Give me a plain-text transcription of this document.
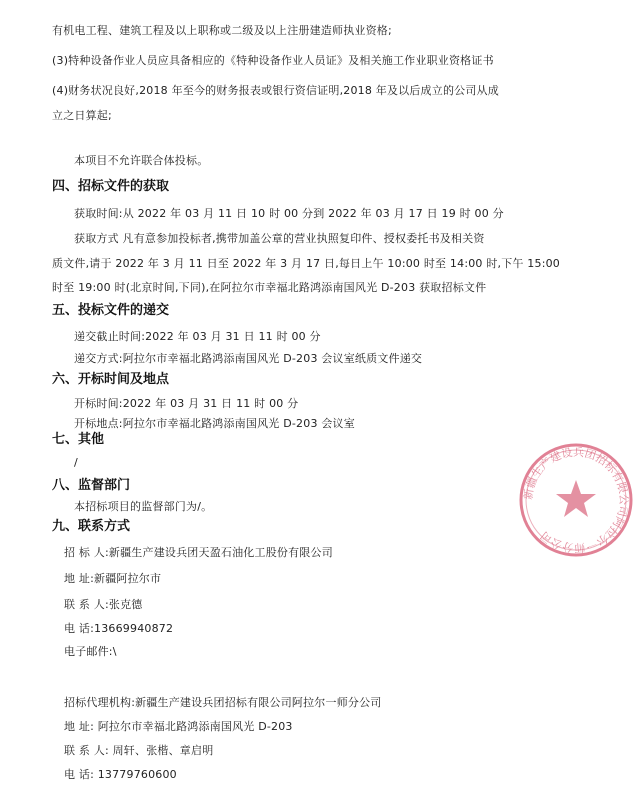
有机电工程、建筑工程及以上职称或二级及以上注册建造师执业资格;
(3)特种设备作业人员应具备相应的《特种设备作业人员证》及相关施工作业职业资格证书
(4)财务状况良好,2018 年至今的财务报表或银行资信证明,2018 年及以后成立的公司从成
立之日算起;
本项目不允许联合体投标。
四、招标文件的获取
获取时间:从 2022 年 03 月 11 日 10 时 00 分到 2022 年 03 月 17 日 19 时 00 分
获取方式 凡有意参加投标者,携带加盖公章的营业执照复印件、授权委托书及相关资
质文件,请于 2022 年 3 月 11 日至 2022 年 3 月 17 日,每日上午 10:00 时至 14:00 时,下午 15:00
时至 19:00 时(北京时间,下同),在阿拉尔市幸福北路鸿添南国风光 D-203 获取招标文件
五、投标文件的递交
递交截止时间:2022 年 03 月 31 日 11 时 00 分
递交方式:阿拉尔市幸福北路鸿添南国风光 D-203 会议室纸质文件递交
六、开标时间及地点
开标时间:2022 年 03 月 31 日 11 时 00 分
开标地点:阿拉尔市幸福北路鸿添南国风光 D-203 会议室
七、其他
/
八、监督部门
本招标项目的监督部门为/。
九、联系方式
招 标 人:新疆生产建设兵团天盈石油化工股份有限公司
地 址:新疆阿拉尔市
联 系 人:张克德
电 话:13669940872
电子邮件:\
招标代理机构:新疆生产建设兵团招标有限公司阿拉尔一师分公司
地 址: 阿拉尔市幸福北路鸿添南国风光 D-203
联 系 人: 周轩、张楷、章启明
电 话: 13779760600
新疆生产建设兵团招标有限公司阿拉尔一师分公司
